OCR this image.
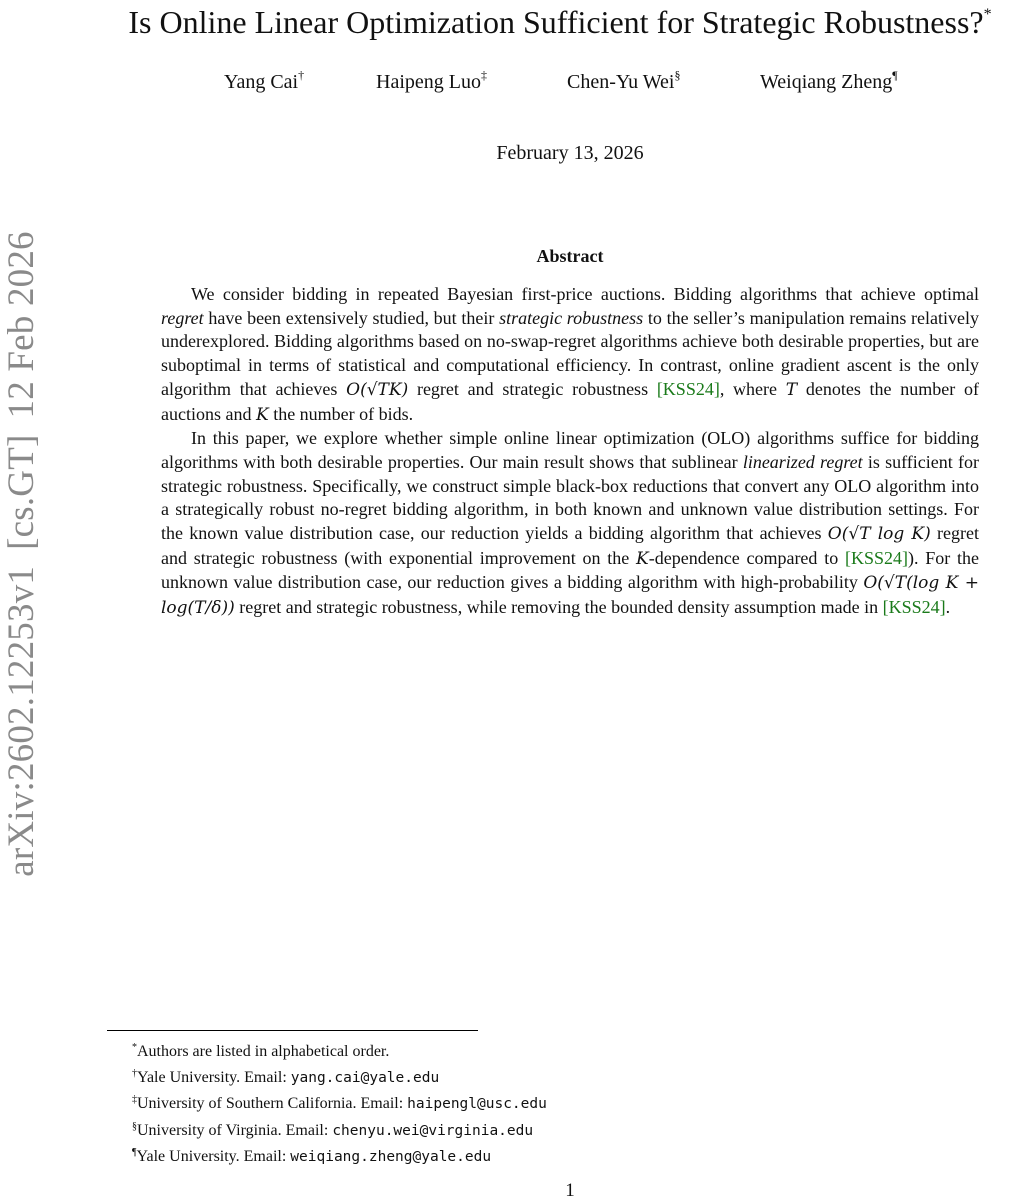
arXiv:2602.12253v1[cs.GT]12 Feb 2026
Is Online Linear Optimization Sufficient for Strategic Robustness?*
Yang Cai†	Haipeng Luo‡	Chen-Yu Wei§	Weiqiang Zheng¶
February 13, 2026
Abstract

We consider bidding in repeated Bayesian first-price auctions. Bidding algorithms that achieve optimal regret have been extensively studied, but their strategic robustness to the seller’s manipulation remains relatively underexplored. Bidding algorithms based on no-swap-regret algorithms achieve both desirable properties, but are suboptimal in terms of statistical and computational efficiency. In contrast, online gradient ascent is the only algorithm that achieves O(√TK) regret and strategic robustness [KSS24], where T denotes the number of auctions and K the number of bids.

In this paper, we explore whether simple online linear optimization (OLO) algorithms suffice for bidding algorithms with both desirable properties. Our main result shows that sublinear linearized regret is sufficient for strategic robustness. Specifically, we construct simple black-box reductions that convert any OLO algorithm into a strategically robust no-regret bidding algorithm, in both known and unknown value distribution settings. For the known value distribution case, our reduction yields a bidding algorithm that achieves O(√T log K) regret and strategic robustness (with exponential improvement on the K-dependence compared to [KSS24]). For the unknown value distribution case, our reduction gives a bidding algorithm with high-probability O(√T(log K + log(T/δ)) regret and strategic robustness, while removing the bounded density assumption made in [KSS24].

*Authors are listed in alphabetical order.
†Yale University. Email: yang.cai@yale.edu
‡University of Southern California. Email: haipengl@usc.edu
§University of Virginia. Email: chenyu.wei@virginia.edu
¶Yale University. Email: weiqiang.zheng@yale.edu
1
